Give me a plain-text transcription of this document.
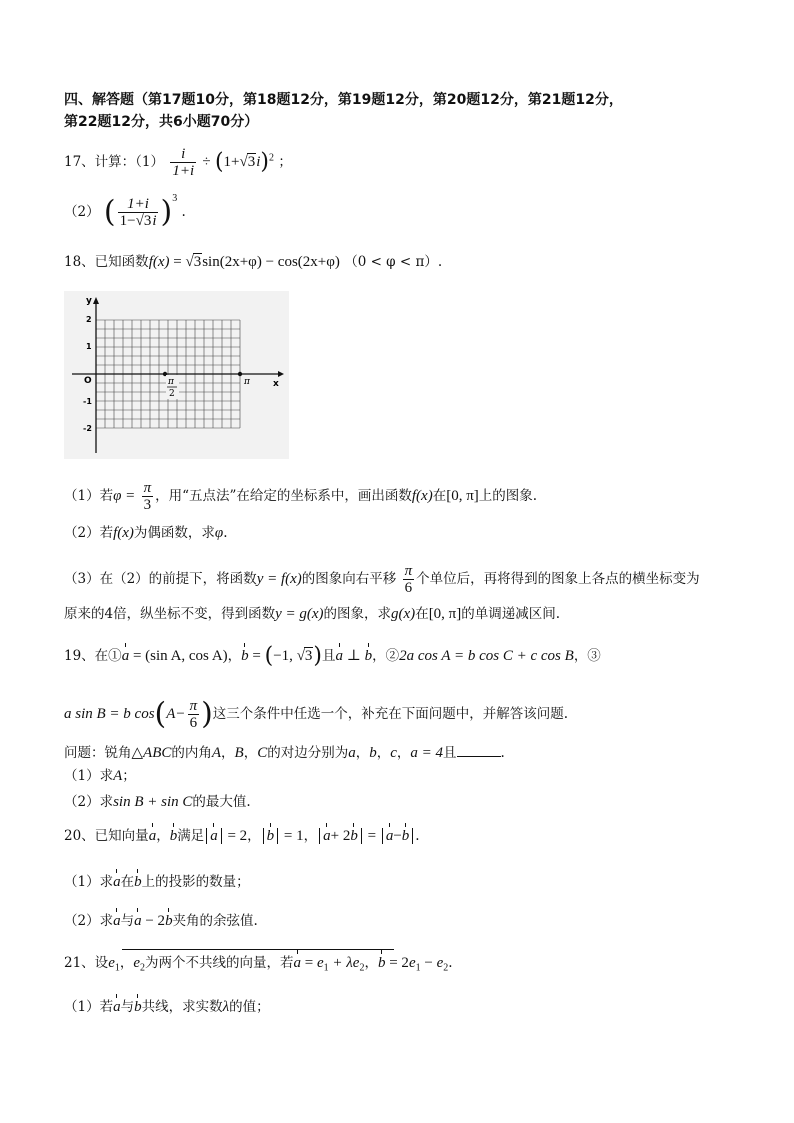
四、解答题（第17题10分，第18题12分，第19题12分，第20题12分，第21题12分，
第22题12分，共6小题70分）
17、计算：$(1) \frac{i}{1+i} \div (1+√3i)^2$ ；
（2） ( $\frac{1+i}{1-√3i} )^3$ .
18、已知函数f(x) = √3sin(2x+φ) − cos(2x+φ) （0 < φ < π）.
y
x
O
2
1
-1
-2
π
2
π
（1）若$\varphi = \frac{\pi}{3}$ ，用“五点法”在给定的坐标系中，画出函数f(x)在[0, π]上的图象.
（2）若f(x)为偶函数，求φ.
（3）在（2）的前提下，将函数y = f(x)的图象向右平移 $\frac{\pi}{6}$ 个单位后，再将得到的图象上各点的横坐标变为
原来的4倍，纵坐标不变，得到函数y = g(x)的图象，求g(x)在[0, π]的单调递减区间.
19、在①a = (sin A, cos A)，b = (−1, √3)且a ⊥ b，②2a cos A = b cos C + c cos B，③
a sin B = b $\cos(A- \frac{\pi}{6}$ )这三个条件中任选一个，补充在下面问题中，并解答该问题.
问题：锐角△ABC的内角A，B，C的对边分别为a，b，c，a = 4且	.
（1）求A；
（2）求sin B + sin C的最大值.
20、已知向量a，b满足 a = 2， b = 1， a+ 2b = a−b .
（1）求a在b上的投影的数量；
（2）求a与a − 2b夹角的余弦值.
21、设$e_1$，$e_2$为两个不共线的向量，若$a = e_1 + \lambda e_2$，$b = 2e_1 - e_2$.
（1）若a与b共线，求实数λ的值；
